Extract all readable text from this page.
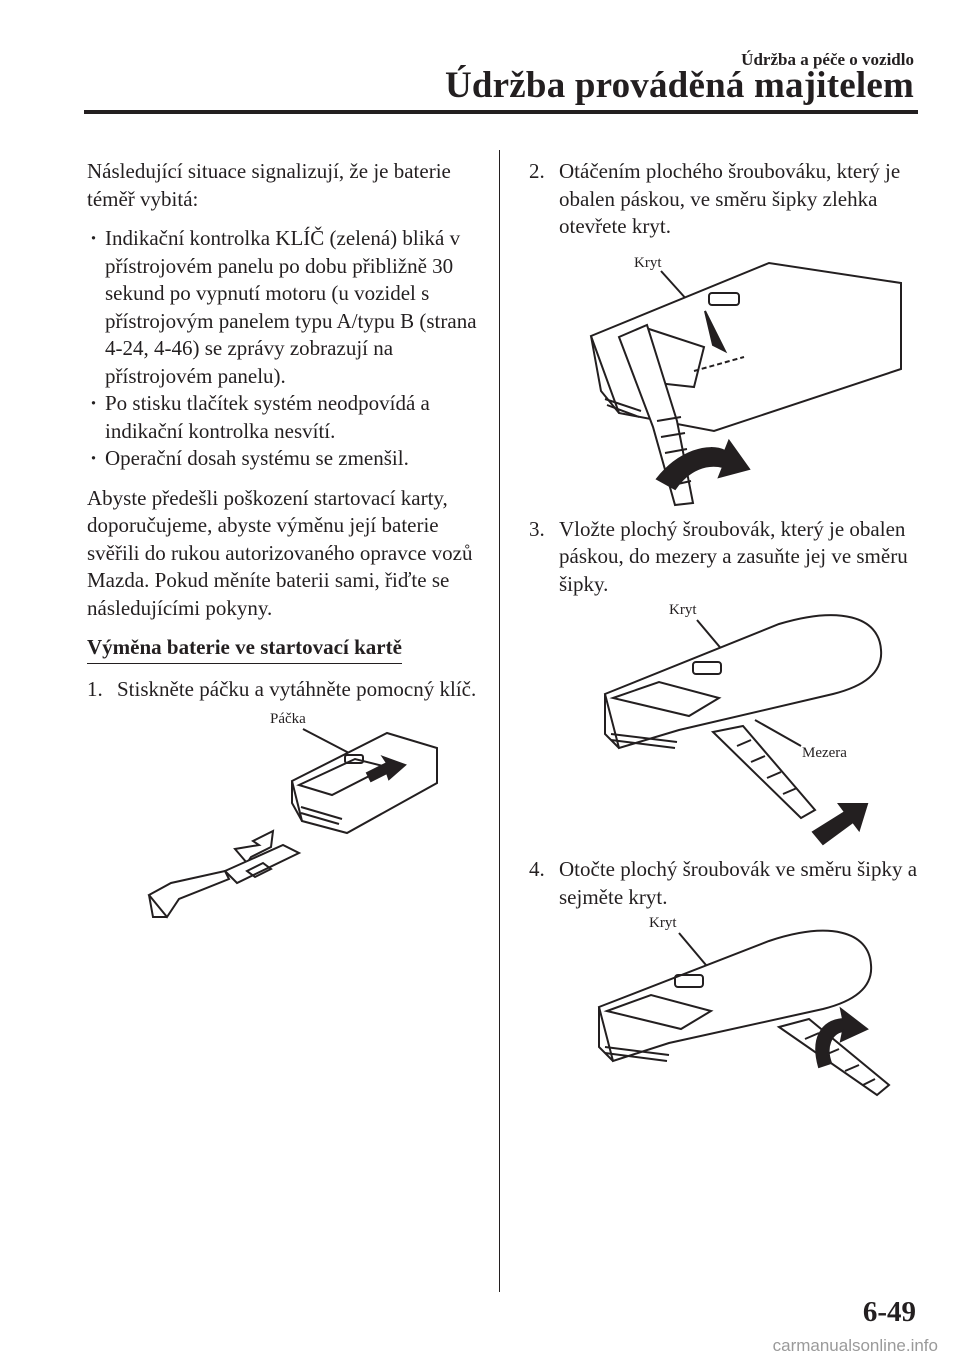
Údržba a péče o vozidlo
Údržba prováděná majitelem

Následující situace signalizují, že je baterie téměř vybitá:

· Indikační kontrolka KLÍČ (zelená) bliká v přístrojovém panelu po dobu přibližně 30 sekund po vypnutí motoru (u vozidel s přístrojovým panelem typu A/typu B (strana 4-24, 4-46) se zprávy zobrazují na přístrojovém panelu).
· Po stisku tlačítek systém neodpovídá a indikační kontrolka nesvítí.
· Operační dosah systému se zmenšil.

Abyste předešli poškození startovací karty, doporučujeme, abyste výměnu její baterie svěřili do rukou autorizovaného opravce vozů Mazda. Pokud měníte baterii sami, řiďte se následujícími pokyny.

Výměna baterie ve startovací kartě
1. Stiskněte páčku a vytáhněte pomocný klíč.
Páčka
2. Otáčením plochého šroubováku, který je obalen páskou, ve směru šipky zlehka otevřete kryt.
Kryt
3. Vložte plochý šroubovák, který je obalen páskou, do mezery a zasuňte jej ve směru šipky.
Kryt
Mezera
4. Otočte plochý šroubovák ve směru šipky a sejměte kryt.
Kryt
6-49
carmanualsonline.info
